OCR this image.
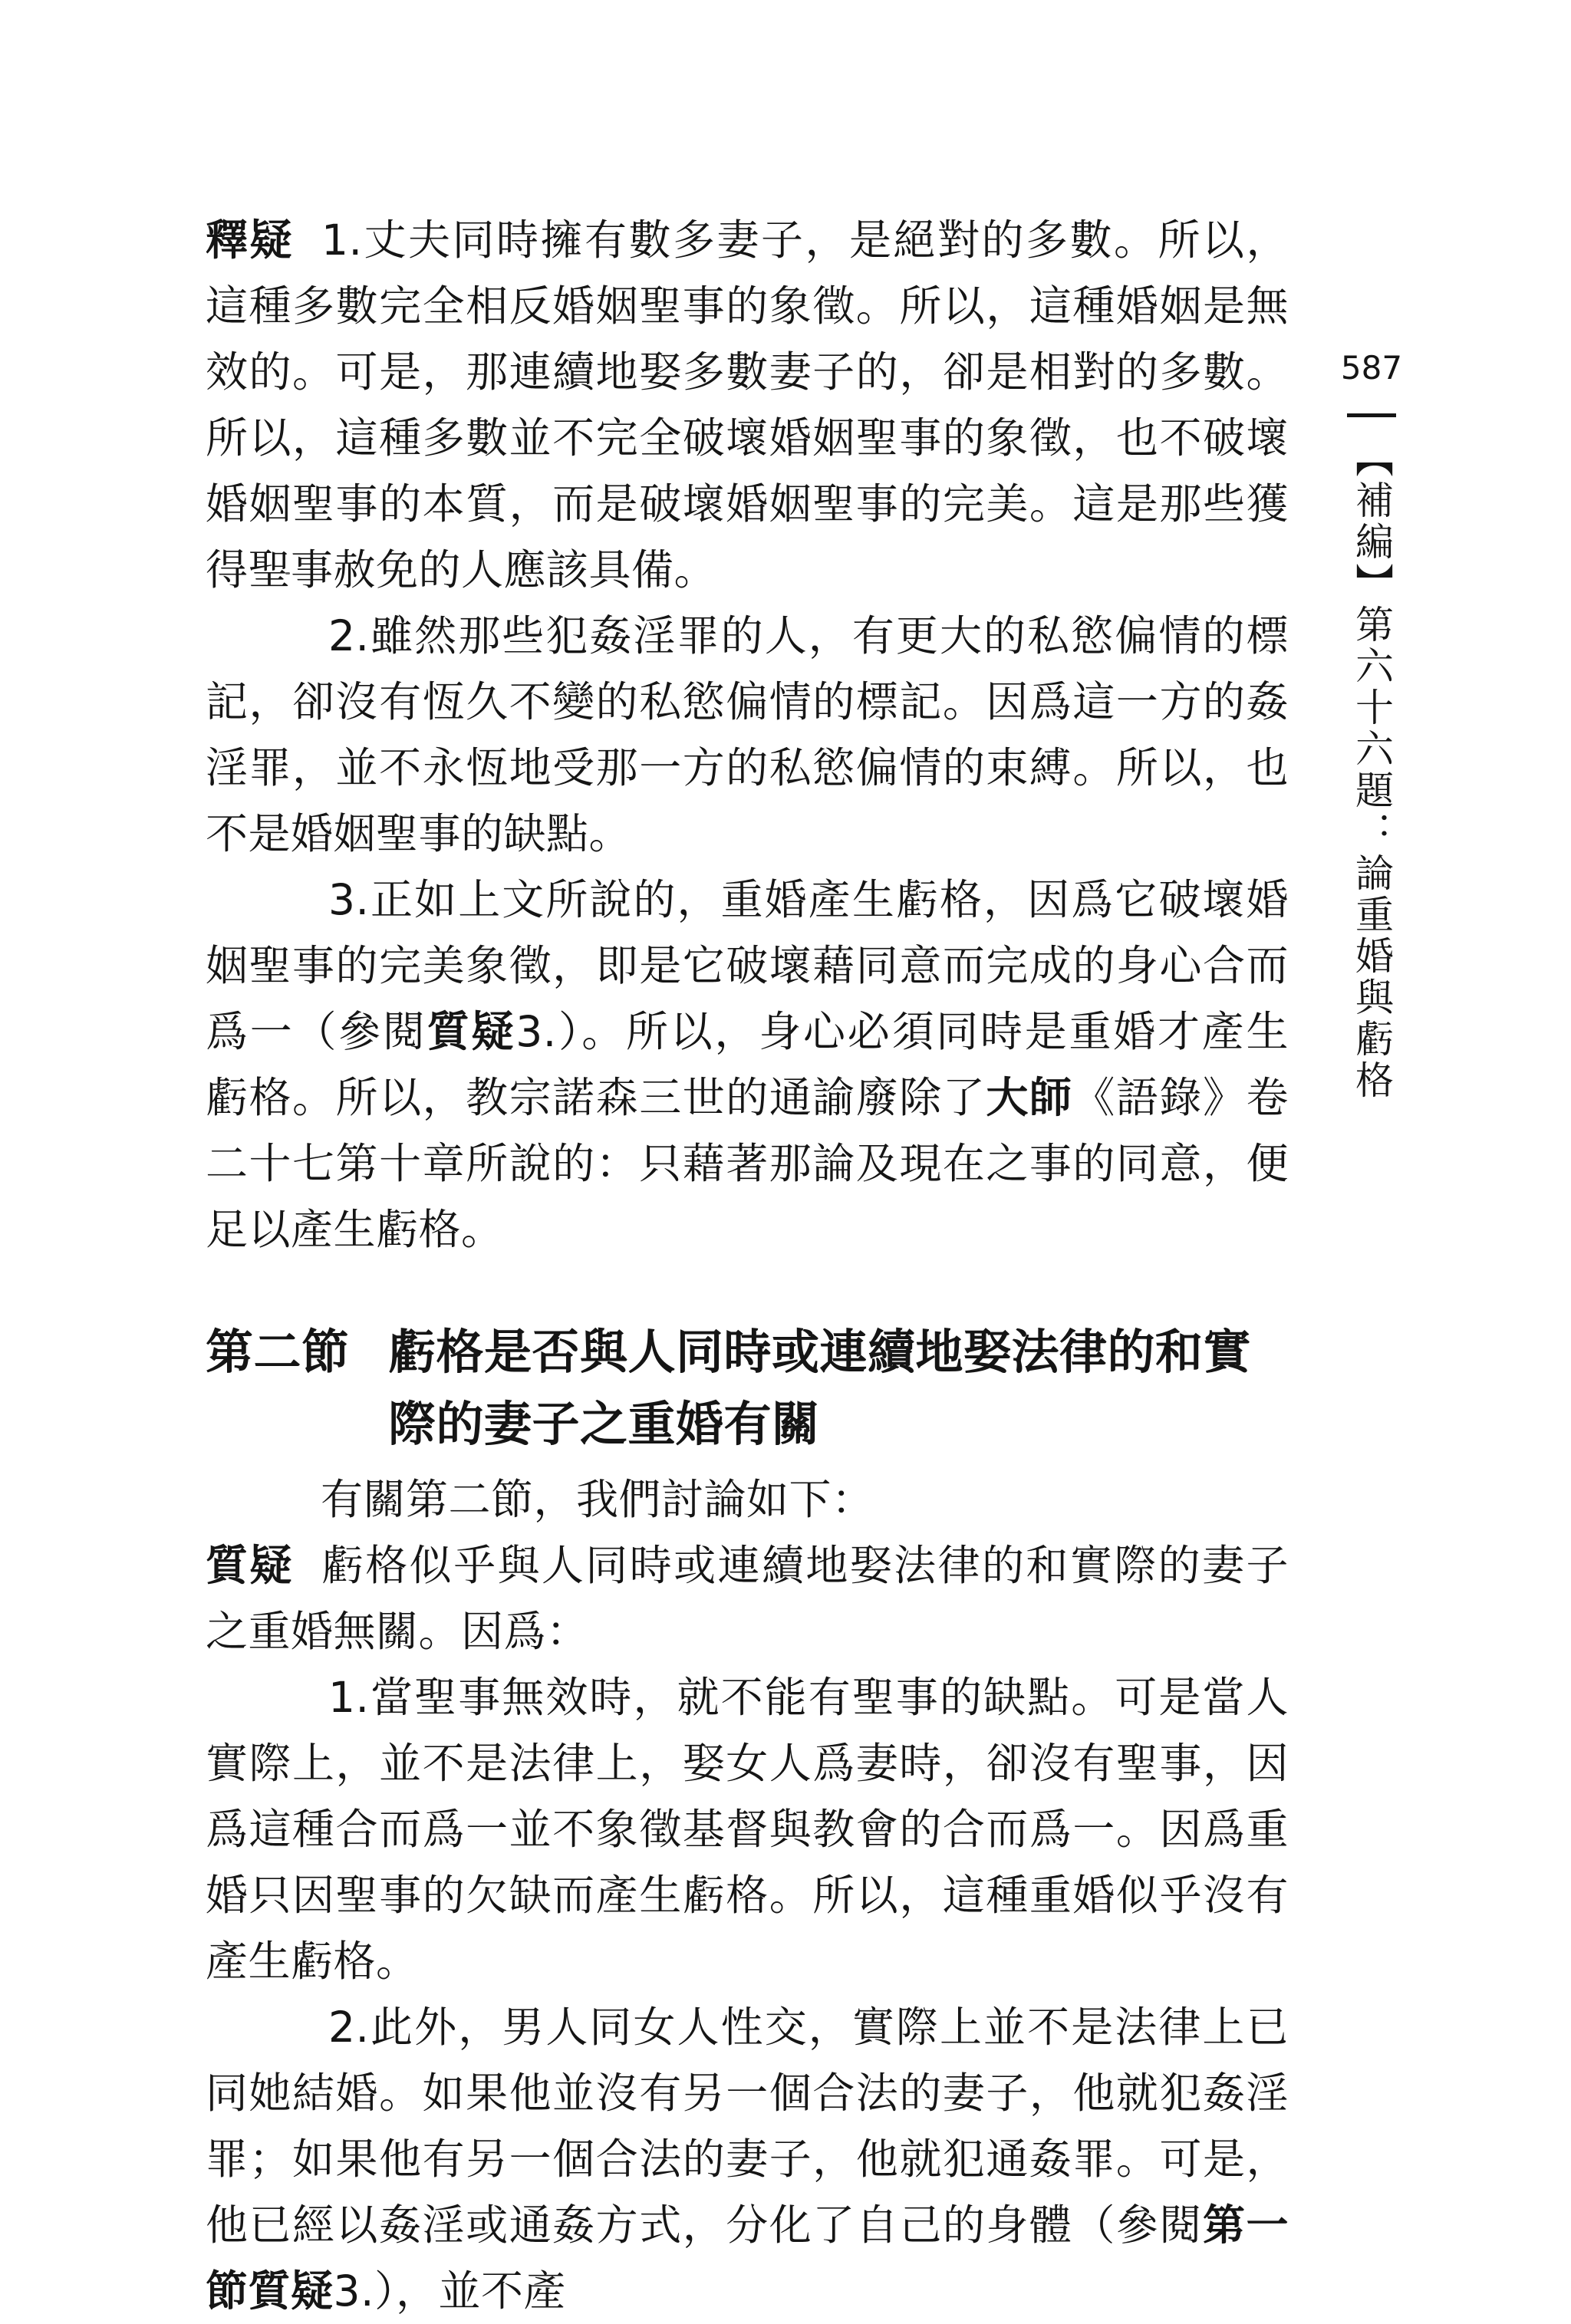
釋疑 1.丈夫同時擁有數多妻子，是絕對的多數。所以，這種多數完全相反婚姻聖事的象徵。所以，這種婚姻是無效的。可是，那連續地娶多數妻子的，卻是相對的多數。所以，這種多數並不完全破壞婚姻聖事的象徵，也不破壞婚姻聖事的本質，而是破壞婚姻聖事的完美。這是那些獲得聖事赦免的人應該具備。

2.雖然那些犯姦淫罪的人，有更大的私慾偏情的標記，卻沒有恆久不變的私慾偏情的標記。因爲這一方的姦淫罪，並不永恆地受那一方的私慾偏情的束縛。所以，也不是婚姻聖事的缺點。

3.正如上文所說的，重婚產生虧格，因爲它破壞婚姻聖事的完美象徵，即是它破壞藉同意而完成的身心合而爲一（參閱質疑3.）。所以，身心必須同時是重婚才產生虧格。所以，教宗諾森三世的通諭廢除了大師《語錄》卷二十七第十章所說的：只藉著那論及現在之事的同意，便足以產生虧格。

第二節 虧格是否與人同時或連續地娶法律的和實際的妻子之重婚有關

有關第二節，我們討論如下：

質疑 虧格似乎與人同時或連續地娶法律的和實際的妻子之重婚無關。因爲：

1.當聖事無效時，就不能有聖事的缺點。可是當人實際上，並不是法律上，娶女人爲妻時，卻沒有聖事，因爲這種合而爲一並不象徵基督與教會的合而爲一。因爲重婚只因聖事的欠缺而產生虧格。所以，這種重婚似乎沒有產生虧格。

2.此外，男人同女人性交，實際上並不是法律上已同她結婚。如果他並沒有另一個合法的妻子，他就犯姦淫罪；如果他有另一個合法的妻子，他就犯通姦罪。可是，他已經以姦淫或通姦方式，分化了自己的身體（參閱第一節質疑3.），並不產

587
【補編】第六十六題：論重婚與虧格
